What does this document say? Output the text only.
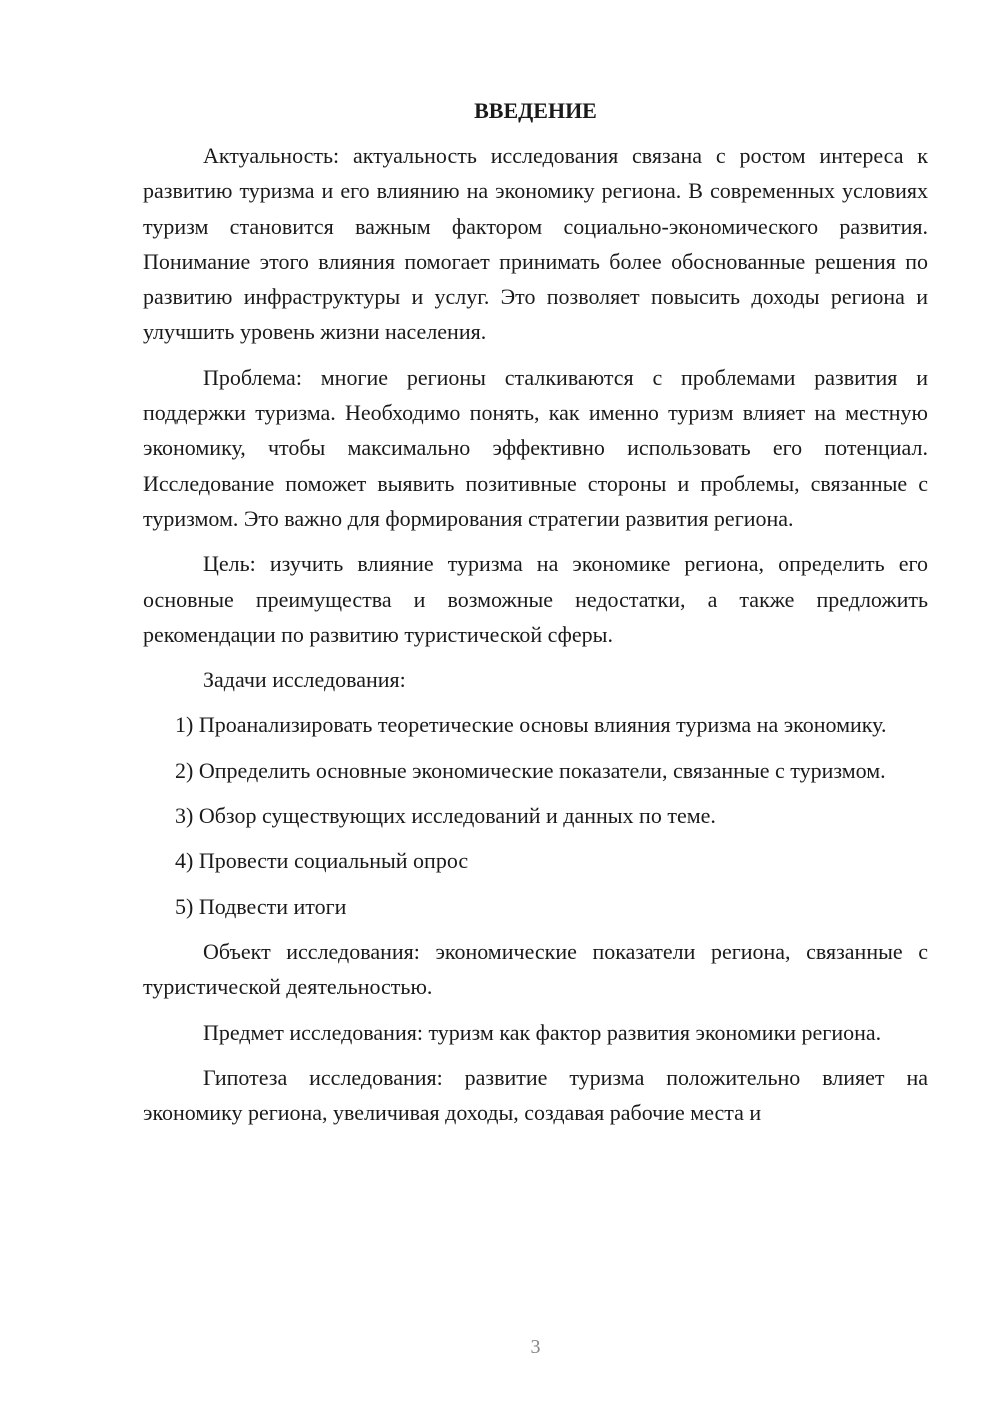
ВВЕДЕНИЕ

Актуальность: актуальность исследования связана с ростом интереса к развитию туризма и его влиянию на экономику региона. В современных условиях туризм становится важным фактором социально-экономического развития. Понимание этого влияния помогает принимать более обоснованные решения по развитию инфраструктуры и услуг. Это позволяет повысить доходы региона и улучшить уровень жизни населения.

Проблема: многие регионы сталкиваются с проблемами развития и поддержки туризма. Необходимо понять, как именно туризм влияет на местную экономику, чтобы максимально эффективно использовать его потенциал. Исследование поможет выявить позитивные стороны и проблемы, связанные с туризмом. Это важно для формирования стратегии развития региона.

Цель: изучить влияние туризма на экономике региона, определить его основные преимущества и возможные недостатки, а также предложить рекомендации по развитию туристической сферы.

Задачи исследования:

1) Проанализировать теоретические основы влияния туризма на экономику.

2) Определить основные экономические показатели, связанные с туризмом.

3) Обзор существующих исследований и данных по теме.

4) Провести социальный опрос

5) Подвести итоги

Объект исследования: экономические показатели региона, связанные с туристической деятельностью.

Предмет исследования: туризм как фактор развития экономики региона.

Гипотеза исследования: развитие туризма положительно влияет на экономику региона, увеличивая доходы, создавая рабочие места и

3
